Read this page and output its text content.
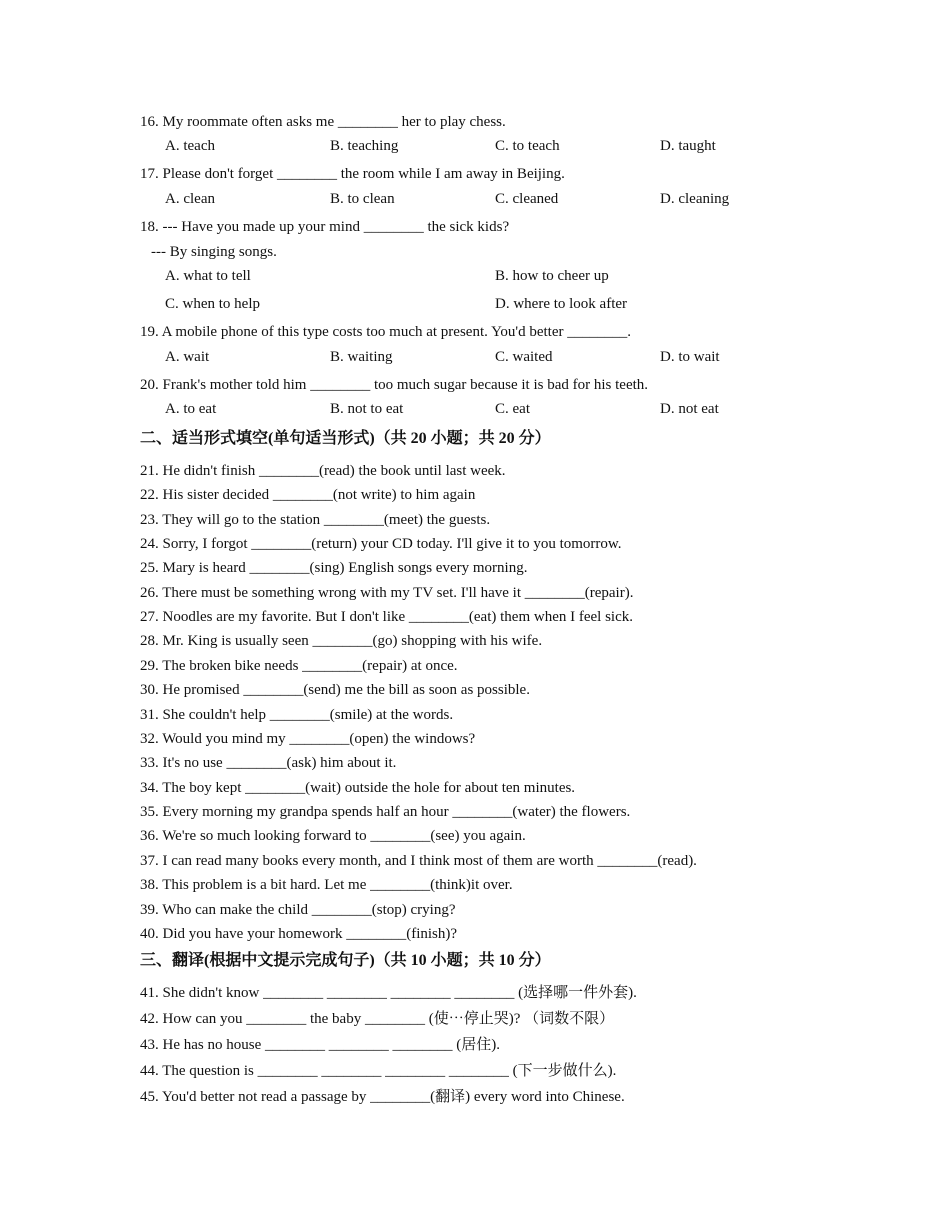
16. My roommate often asks me ________ her to play chess.
A. teach	B. teaching	C. to teach	D. taught
17. Please don't forget ________ the room while I am away in Beijing.
A. clean	B. to clean	C. cleaned	D. cleaning
18. --- Have you made up your mind ________ the sick kids?
--- By singing songs.
A. what to tell	B. how to cheer up
C. when to help	D. where to look after
19. A mobile phone of this type costs too much at present. You'd better ________.
A. wait	B. waiting	C. waited	D. to wait
20. Frank's mother told him ________ too much sugar because it is bad for his teeth.
A. to eat	B. not to eat	C. eat	D. not eat
二、适当形式填空(单句适当形式)（共 20 小题；共 20 分）
21. He didn't finish ________(read) the book until last week.
22. His sister decided ________(not write) to him again
23. They will go to the station ________(meet) the guests.
24. Sorry, I forgot ________(return) your CD today. I'll give it to you tomorrow.
25. Mary is heard ________(sing) English songs every morning.
26. There must be something wrong with my TV set. I'll have it ________(repair).
27. Noodles are my favorite. But I don't like ________(eat) them when I feel sick.
28. Mr. King is usually seen ________(go) shopping with his wife.
29. The broken bike needs ________(repair) at once.
30. He promised ________(send) me the bill as soon as possible.
31. She couldn't help ________(smile) at the words.
32. Would you mind my ________(open) the windows?
33. It's no use ________(ask) him about it.
34. The boy kept ________(wait) outside the hole for about ten minutes.
35. Every morning my grandpa spends half an hour ________(water) the flowers.
36. We're so much looking forward to ________(see) you again.
37. I can read many books every month, and I think most of them are worth ________(read).
38. This problem is a bit hard. Let me ________(think)it over.
39. Who can make the child ________(stop) crying?
40. Did you have your homework ________(finish)?
三、翻译(根据中文提示完成句子)（共 10 小题；共 10 分）
41. She didn't know ________ ________ ________ ________ (选择哪一件外套).
42. How can you ________ the baby ________ (使⋯停止哭)? （词数不限）
43. He has no house ________ ________ ________ (居住).
44. The question is ________ ________ ________ ________ (下一步做什么).
45. You'd better not read a passage by ________(翻译) every word into Chinese.
